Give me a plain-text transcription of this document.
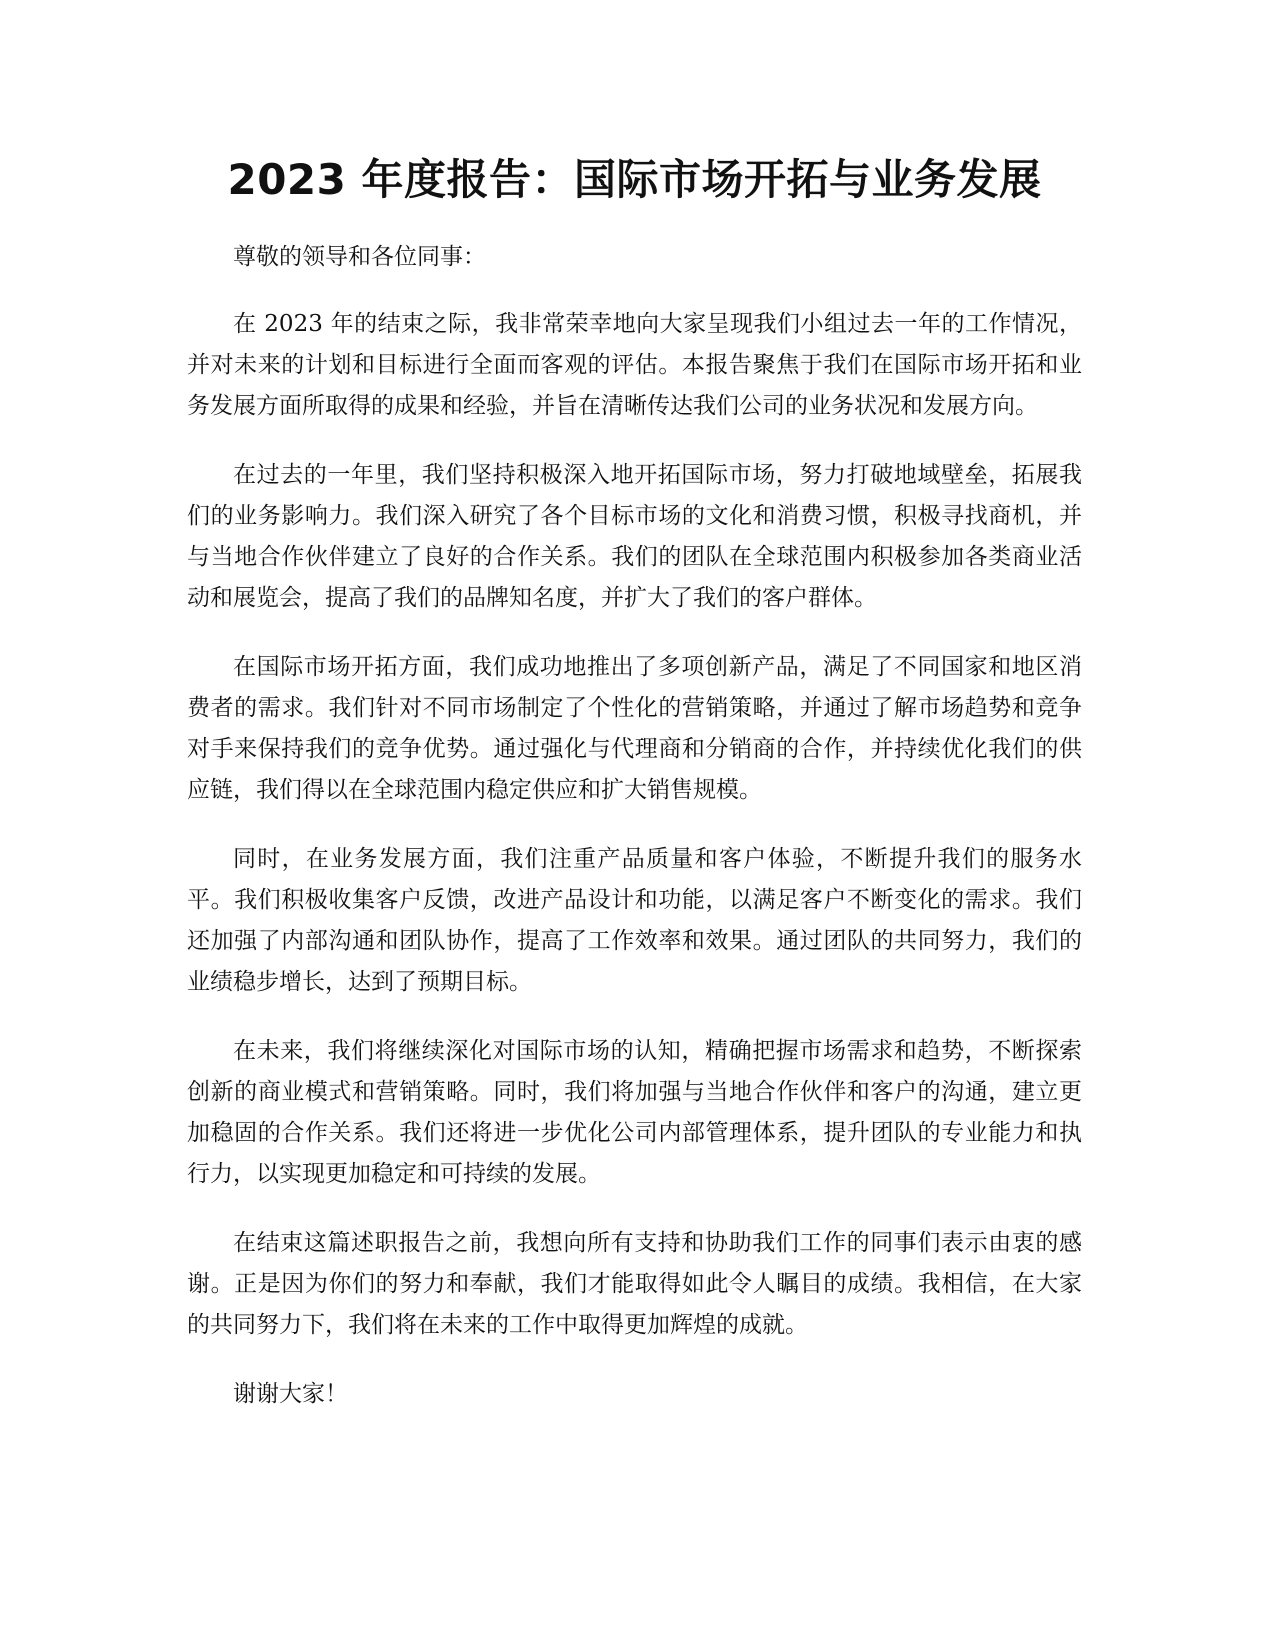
2023 年度报告：国际市场开拓与业务发展

尊敬的领导和各位同事：

在 2023 年的结束之际，我非常荣幸地向大家呈现我们小组过去一年的工作情况，并对未来的计划和目标进行全面而客观的评估。本报告聚焦于我们在国际市场开拓和业务发展方面所取得的成果和经验，并旨在清晰传达我们公司的业务状况和发展方向。

在过去的一年里，我们坚持积极深入地开拓国际市场，努力打破地域壁垒，拓展我们的业务影响力。我们深入研究了各个目标市场的文化和消费习惯，积极寻找商机，并与当地合作伙伴建立了良好的合作关系。我们的团队在全球范围内积极参加各类商业活动和展览会，提高了我们的品牌知名度，并扩大了我们的客户群体。

在国际市场开拓方面，我们成功地推出了多项创新产品，满足了不同国家和地区消费者的需求。我们针对不同市场制定了个性化的营销策略，并通过了解市场趋势和竞争对手来保持我们的竞争优势。通过强化与代理商和分销商的合作，并持续优化我们的供应链，我们得以在全球范围内稳定供应和扩大销售规模。

同时，在业务发展方面，我们注重产品质量和客户体验，不断提升我们的服务水平。我们积极收集客户反馈，改进产品设计和功能，以满足客户不断变化的需求。我们还加强了内部沟通和团队协作，提高了工作效率和效果。通过团队的共同努力，我们的业绩稳步增长，达到了预期目标。

在未来，我们将继续深化对国际市场的认知，精确把握市场需求和趋势，不断探索创新的商业模式和营销策略。同时，我们将加强与当地合作伙伴和客户的沟通，建立更加稳固的合作关系。我们还将进一步优化公司内部管理体系，提升团队的专业能力和执行力，以实现更加稳定和可持续的发展。

在结束这篇述职报告之前，我想向所有支持和协助我们工作的同事们表示由衷的感谢。正是因为你们的努力和奉献，我们才能取得如此令人瞩目的成绩。我相信，在大家的共同努力下，我们将在未来的工作中取得更加辉煌的成就。

谢谢大家！
